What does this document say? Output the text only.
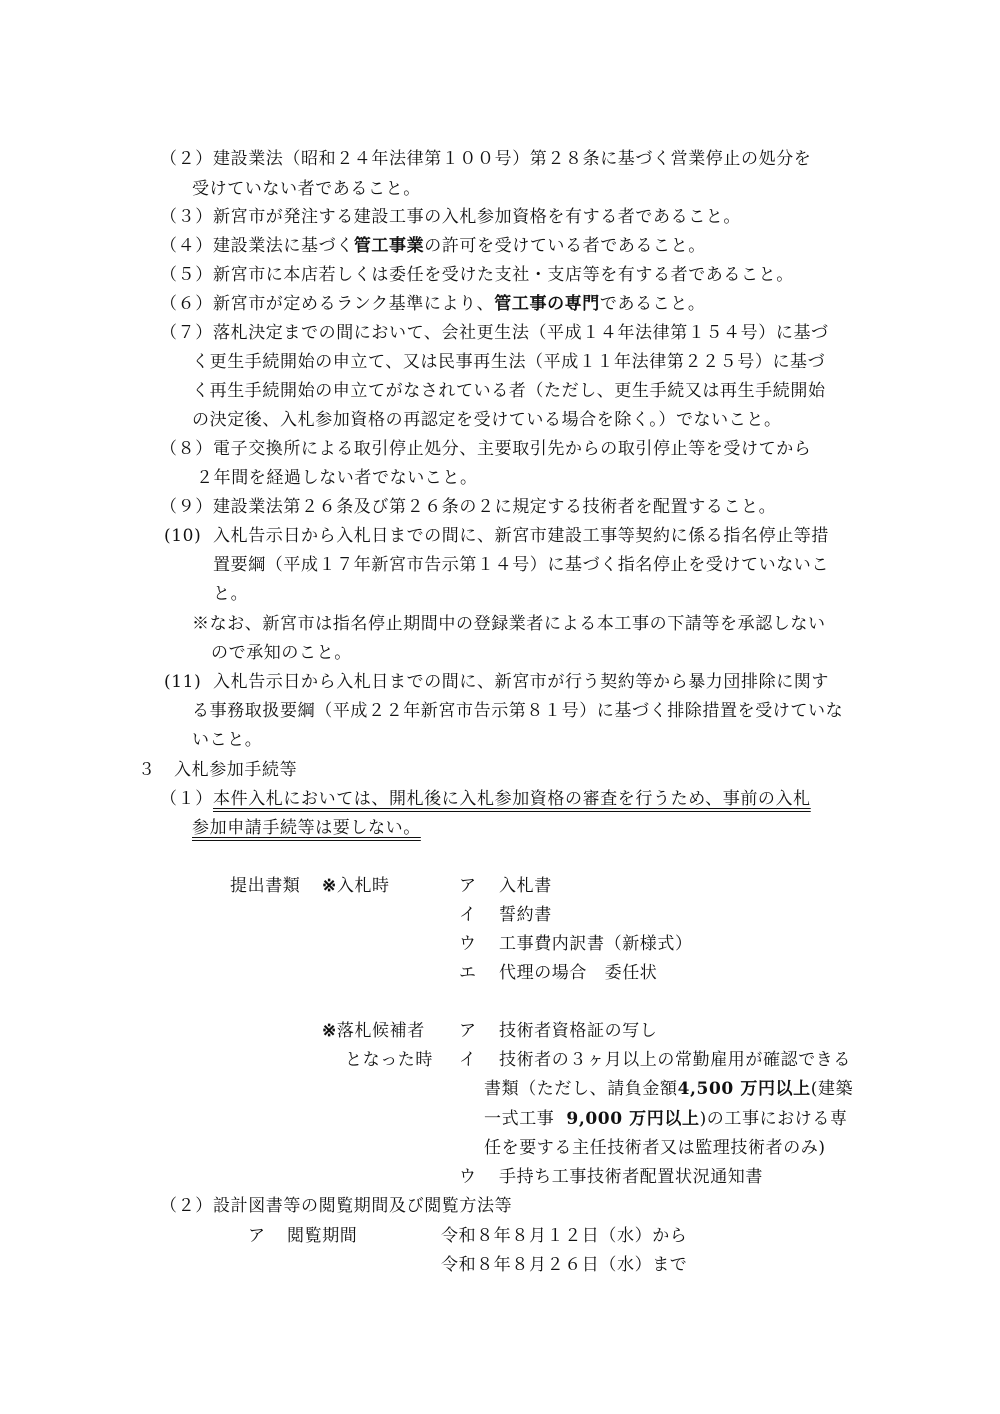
（２） 建設業法（昭和２４年法律第１００号）第２８条に基づく営業停止の処分を
受けていない者であること。
（３） 新宮市が発注する建設工事の入札参加資格を有する者であること。
（４） 建設業法に基づく管工事業の許可を受けている者であること。
（５） 新宮市に本店若しくは委任を受けた支社・支店等を有する者であること。
（６） 新宮市が定めるランク基準により、管工事の専門であること。
（７） 落札決定までの間において、会社更生法（平成１４年法律第１５４号）に基づ
く更生手続開始の申立て、又は民事再生法（平成１１年法律第２２５号）に基づ
く再生手続開始の申立てがなされている者（ただし、更生手続又は再生手続開始
の決定後、入札参加資格の再認定を受けている場合を除く。）でないこと。
（８） 電子交換所による取引停止処分、主要取引先からの取引停止等を受けてから
２年間を経過しない者でないこと。
（９） 建設業法第２６条及び第２６条の２に規定する技術者を配置すること。
(10) 入札告示日から入札日までの間に、新宮市建設工事等契約に係る指名停止等措
置要綱（平成１７年新宮市告示第１４号）に基づく指名停止を受けていないこ
と。
※なお、新宮市は指名停止期間中の登録業者による本工事の下請等を承認しない
ので承知のこと。
(11) 入札告示日から入札日までの間に、新宮市が行う契約等から暴力団排除に関す
る事務取扱要綱（平成２２年新宮市告示第８１号）に基づく排除措置を受けていな
いこと。
３ 入札参加手続等
（１） 本件入札においては、開札後に入札参加資格の審査を行うため、事前の入札
参加申請手続等は要しない。
提出書類 ※入札時	ア 入札書
イ 誓約書
ウ 工事費内訳書（新様式）
エ 代理の場合　委任状
※落札候補者
となった時
ア 技術者資格証の写し
イ 技術者の３ヶ月以上の常勤雇用が確認できる
書類（ただし、請負金額4,500 万円以上(建築
一式工事 9,000 万円以上)の工事における専
任を要する主任技術者又は監理技術者のみ)
ウ 手持ち工事技術者配置状況通知書
（２） 設計図書等の閲覧期間及び閲覧方法等
ア 閲覧期間	令和８年８月１２日（水）から
令和８年８月２６日（水）まで
